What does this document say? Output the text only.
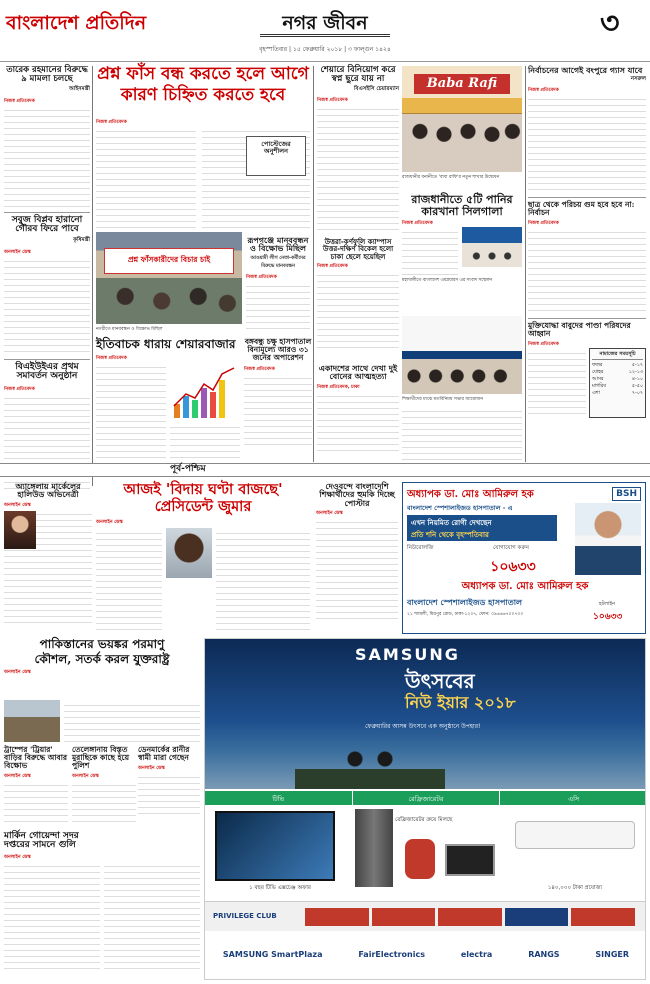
বাংলাদেশ প্রতিদিন	নগর জীবন
বৃহস্পতিবার | ১৫ ফেব্রুয়ারি ২০১৮ | ৩ ফাল্গুন ১৪২৪
৩
তারেক রহমানের বিরুদ্ধে ৯ মামলা চলছে
আইনমন্ত্রী
নিজস্ব প্রতিবেদক
সবুজ বিপ্লব হারানো গৌরব ফিরে পাবে
কৃষিমন্ত্রী
অনলাইন ডেস্ক
বিএইউইএর প্রথম সমাবর্তন অনুষ্ঠান
নিজস্ব প্রতিবেদক
প্রশ্ন ফাঁস বন্ধ করতে হলে আগে
কারণ চিহ্নিত করতে হবে
নিজস্ব প্রতিবেদক
পোস্টেজের অনুশীলন
প্রশ্ন ফাঁসকারীদের বিচার চাই
নগরীতে মানববন্ধন ও বিক্ষোভ মিছিল
রূপগঞ্জে মানববন্ধন ও বিক্ষোভ মিছিল
আওয়ামী লীগ নেতা-কর্মীদের বিরুদ্ধে মানববন্ধন
নিজস্ব প্রতিবেদক
ইতিবাচক ধারায় শেয়ারবাজার
নিজস্ব প্রতিবেদক
বঙ্গবন্ধু চক্ষু হাসপাতাল বিনামূল্যে আরও ৩১ জনের অপারেশন
নিজস্ব প্রতিবেদক
শেয়ারে বিনিয়োগ করে স্বপ্ন ছুরে যায় না
বিএসইসি চেয়ারম্যান
নিজস্ব প্রতিবেদক
Baba Rafi
রাজধানীর বনানীতে 'বাবা রাফি'র নতুন শাখার উদ্বোধন
উত্তরা-কর্ণফুলি ক্যাম্পাস উত্তর-দক্ষিণ বিকেল হলো চাকা ছেলে হয়েছিল
নিজস্ব প্রতিবেদক
একাদশের সাথে দেখা দুই বোনের আত্মহত্যা
নিজস্ব প্রতিবেদক, ঢাকা
রাজধানীতে ৫টি পানির কারখানা সিলগালা
নিজস্ব প্রতিবেদক
মহাখালীতে বাংলাদেশ এমপ্লয়ারস এর সংবাদ সম্মেলন
শিক্ষার্থীদের মাঝে মতবিনিময় সভার আয়োজন
নির্বাচনের আগেই বংপুরে গ্যাস যাবে
নসরুল
নিজস্ব প্রতিবেদক
ছাত্র থেকে পরিচয় গুম হবে হবে না: নির্বাচন
নিজস্ব প্রতিবেদক
মুক্তিযোদ্ধা বাবুদের পাণ্ডা পরিষদের আহ্বান
নিজস্ব প্রতিবেদক
নামাজের সময়সূচি
ফজর	৫-১৭
যোহর	১২-১৩
আসর	৪-১০
মাগরিব	৫-৫০
এশা	৭-০৭
পূর্ব-পশ্চিম
অ্যাঙ্গেলায় মার্কেলের হালিউড অভিনেত্রী
অনলাইন ডেস্ক
আজই 'বিদায় ঘণ্টা বাজছে'
প্রেসিডেন্ট জুমার
অনলাইন ডেস্ক
দেওবন্দে বাংলাদেশি শিক্ষার্থীদের হুমকি দিচ্ছে পোস্টার
অনলাইন ডেস্ক
অধ্যাপক ডা. মোঃ আমিরুল হক	BSH
বাংলাদেশ স্পেশালাইজড হাসপাতাল - এ
এখন নিয়মিত রোগী দেখছেন
প্রতি শনি থেকে বৃহস্পতিবার
নিউরোলজি	যোগাযোগ করুন
১০৬৩৩
অধ্যাপক ডা. মোঃ আমিরুল হক
বাংলাদেশ স্পেশালাইজড হাসপাতাল
২১ শ্যামলী, মিরপুর রোড, ঢাকা-১২০৭, ফোন: ০৯৬৬৬৭০০৭০০
হটলাইন
১০৬৩৩
পাকিস্তানের ভয়ঙ্কর পরমাণু
কৌশল, সতর্ক করল যুক্তরাষ্ট্র
অনলাইন ডেস্ক
ট্রাম্পের 'ট্রিয়ার' বাড়ির বিরুদ্ধে আবার বিক্ষোভ
অনলাইন ডেস্ক
তেলেঙ্গানায় বিস্তৃত মুরাছিকে কাছে হয়ে পুলিশ
অনলাইন ডেস্ক
ডেনমার্কের রানীর স্বামী মারা গেছেন
অনলাইন ডেস্ক
মার্কিন গোয়েন্দা সদর দপ্তরের সামনে গুলি
অনলাইন ডেস্ক
SAMSUNG
উৎসবের
নিউ ইয়ার ২০১৮
ফেব্রুয়ারির আসন্ন উৎসবে এক অনুষ্ঠানে উপহার!
টিভি	রেফ্রিজারেটর	এসি
১ বছর টিভি এক্সচেঞ্জ অফার
রেফ্রিজারেটর ক্রয়ে মিলছে
১৪০,০০০ টাকা প্রযোজ্য
PRIVILEGE CLUB
SAMSUNG SmartPlaza	FairElectronics	electra	RANGS	SINGER
